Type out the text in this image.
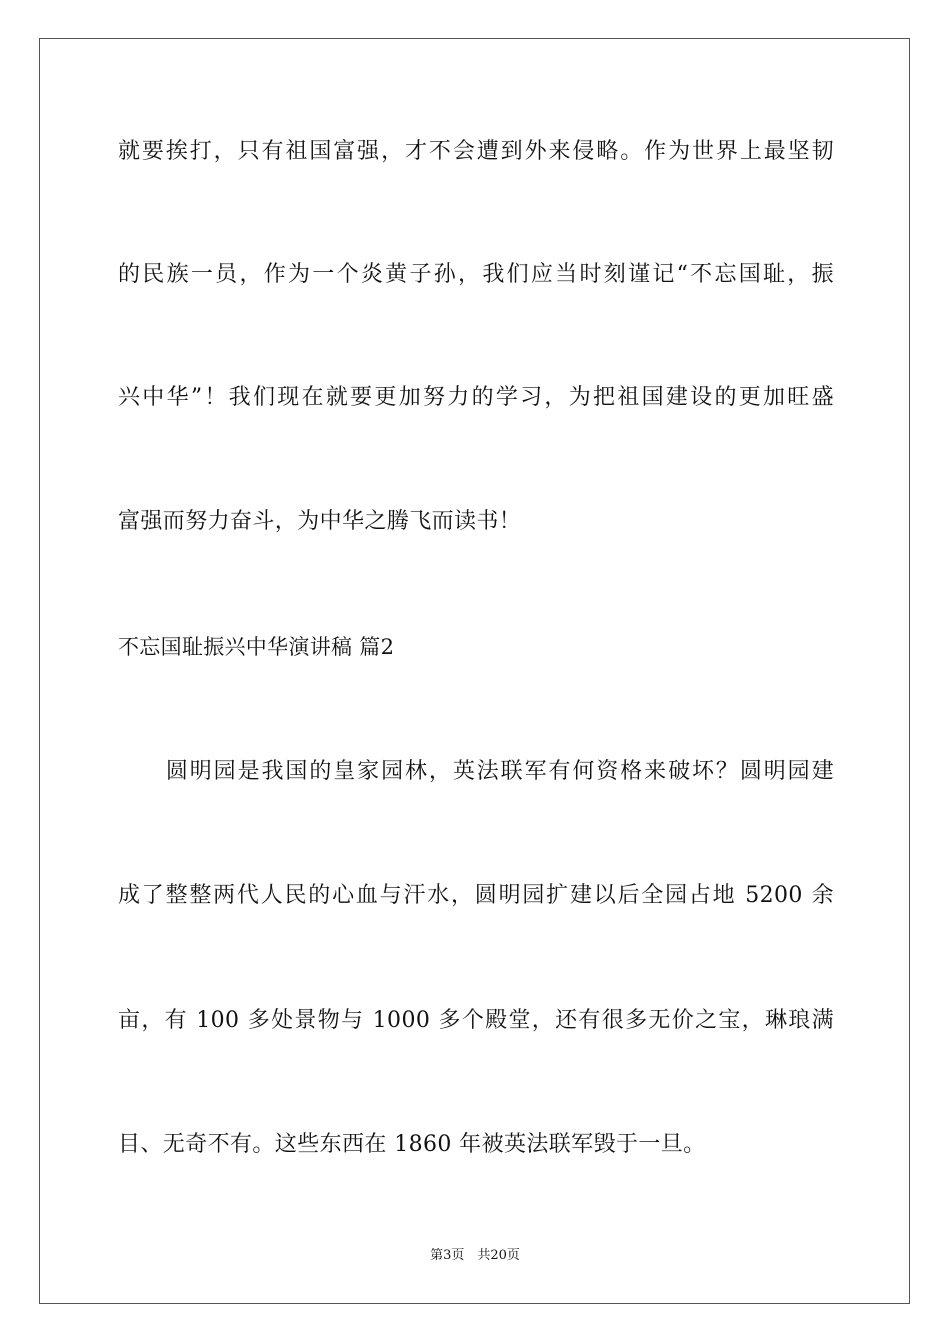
就要挨打，只有祖国富强，才不会遭到外来侵略。作为世界上最坚韧
的民族一员，作为一个炎黄子孙，我们应当时刻谨记“不忘国耻，振
兴中华”！我们现在就要更加努力的学习，为把祖国建设的更加旺盛
富强而努力奋斗，为中华之腾飞而读书！
不忘国耻振兴中华演讲稿 篇2
　　圆明园是我国的皇家园林，英法联军有何资格来破坏？圆明园建
成了整整两代人民的心血与汗水，圆明园扩建以后全园占地 5200 余
亩，有 100 多处景物与 1000 多个殿堂，还有很多无价之宝，琳琅满
目、无奇不有。这些东西在 1860 年被英法联军毁于一旦。
第3页　共20页
